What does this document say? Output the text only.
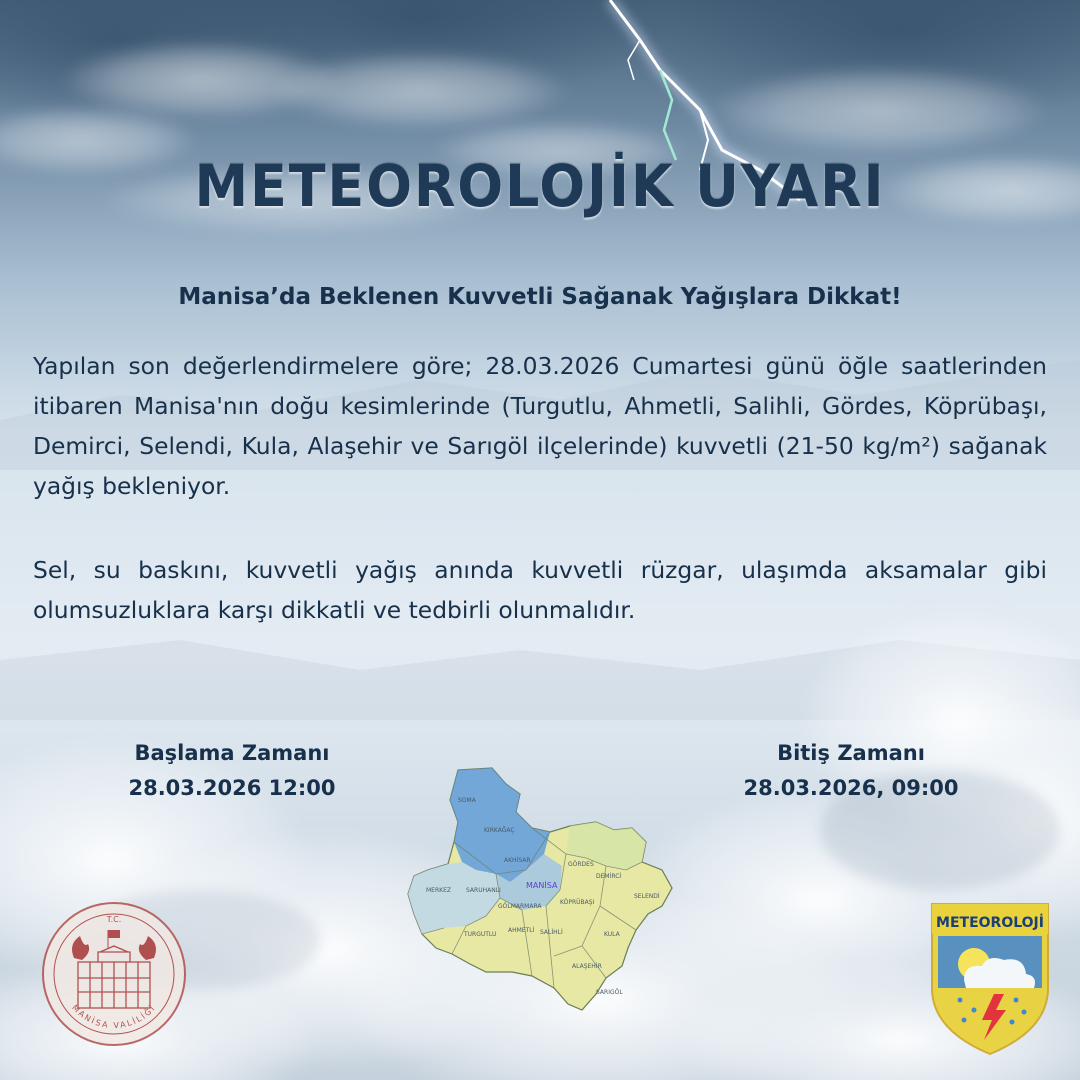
METEOROLOJİK UYARI
Manisa’da Beklenen Kuvvetli Sağanak Yağışlara Dikkat!

Yapılan son değerlendirmelere göre; 28.03.2026 Cumartesi günü öğle saatlerinden itibaren Manisa'nın doğu kesimlerinde (Turgutlu, Ahmetli, Salihli, Gördes, Köprübaşı, Demirci, Selendi, Kula, Alaşehir ve Sarıgöl ilçelerinde) kuvvetli (21-50 kg/m²) sağanak yağış bekleniyor.

Sel, su baskını, kuvvetli yağış anında kuvvetli rüzgar, ulaşımda aksamalar gibi olumsuzluklara karşı dikkatli ve tedbirli olunmalıdır.

Başlama Zamanı
28.03.2026 12:00
Bitiş Zamanı
28.03.2026, 09:00
SOMA
KIRKAĞAÇ
AKHİSAR
GÖRDES
MERKEZ	SARUHANLI
MANİSA
DEMİRCİ
SELENDİ
KÖPRÜBAŞI
GÖLMARMARA
TURGUTLU
AHMETLİ SALİHLİ	KULA
ALAŞEHİR
SARIGÖL
T.C.
MANİSA VALİLİĞİ
METEOROLOJİ
